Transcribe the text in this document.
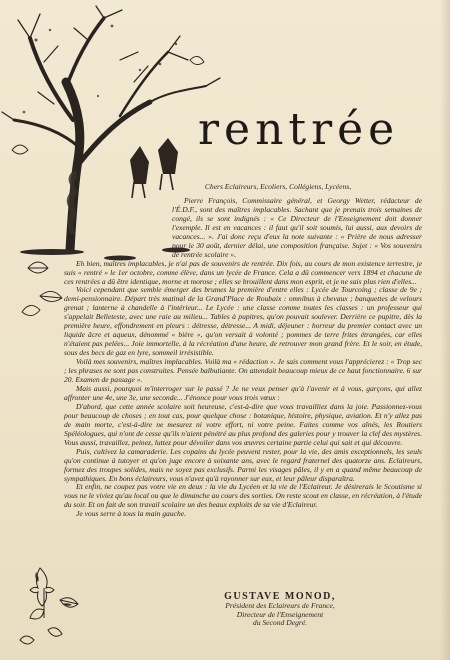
rentrée

Chers Eclaireurs, Ecoliers, Collégiens, Lycéens,

Pierre François, Commissaire général, et Georgy Wetter, rédacteur de l'É.D.F., sont des maîtres implacables. Sachant que je prenais trois semaines de congé, ils se sont indignés : « Ce Directeur de l'Enseignement doit donner l'exemple. Il est en vacances : il faut qu'il soit soumis, lui aussi, aux devoirs de vacances... ». J'ai donc reçu d'eux la note suivante : « Prière de nous adresser pour le 30 août, dernier délai, une composition française. Sujet : « Vos souvenirs de rentrée scolaire ».

Eh bien, maîtres implacables, je n'ai pas de souvenirs de rentrée. Dix fois, au cours de mon existence terrestre, je suis « rentré » le 1er octobre, comme élève, dans un lycée de France. Cela a dû commencer vers 1894 et chacune de ces rentrées a dû être identique, morne et morose ; elles se brouillent dans mon esprit, et je ne sais plus rien d'elles...

Voici cependant que semble émerger des brumes la première d'entre elles : Lycée de Tourcoing ; classe de 9e ; demi-pensionnaire. Départ très matinal de la Grand'Place de Roubaix : omnibus à chevaux ; banquettes de velours grenat ; lanterne à chandelle à l'intérieur... Le Lycée : une classe comme toutes les classes : un professeur qui s'appelait Belleteste, avec une raie au milieu... Tables à pupitres, qu'on pouvait soulever. Derrière ce pupitre, dès la première heure, effondrement en pleurs : détresse, détresse... A midi, déjeuner : horreur du premier contact avec un liquide âcre et aqueux, dénommé « bière », qu'on versait à volonté ; pommes de terre frites étrangées, car elles n'étaient pas pelées... Joie immortelle, à la récréation d'une heure, de retrouver mon grand frère. Et le soir, en étude, sous des becs de gaz en lyre, sommeil irrésistible.

Voilà mes souvenirs, maîtres implacables. Voilà ma « rédaction ». Je sais comment vous l'apprécierez : « Trop sec ; les phrases ne sont pas construites. Pensée balbutiante. On attendait beaucoup mieux de ce haut fonctionnaire. 6 sur 20. Examen de passage ».

Mais aussi, pourquoi m'interroger sur le passé ? Je ne veux penser qu'à l'avenir et à vous, garçons, qui allez affronter une 4e, une 3e, une seconde... J'énonce pour vous trois vœux :

D'abord, que cette année scolaire soit heureuse, c'est-à-dire que vous travailliez dans la joie. Passionnez-vous pour beaucoup de choses ; en tout cas, pour quelque chose : botanique, histoire, physique, aviation. Et n'y allez pas de main morte, c'est-à-dire ne mesurez ni votre effort, ni votre peine. Faites comme vos aînés, les Routiers Spéléologues, qui n'ont de cesse qu'ils n'aient pénétré au plus profond des galeries pour y trouver la clef des mystères. Vous aussi, travaillez, peinez, luttez pour dévoiler dans vos œuvres certaine partie celui qui sait et qui découvre.

Puis, cultivez la camaraderie. Les copains du lycée peuvent rester, pour la vie, des amis exceptionnels, les seuls qu'on continue à tutoyer et qu'on juge encore à soixante ans, avec le regard fraternel des quatorze ans. Eclaireurs, formez des troupes solides, mais ne soyez pas exclusifs. Parmi les visages pâles, il y en a quand même beaucoup de sympathiques. En bons éclaireurs, vous n'avez qu'à rayonner sur eux, et leur pâleur disparaîtra.

Et enfin, ne coupez pas votre vie en deux : la vie du Lycéen et la vie de l'Eclaireur. Je désirerais le Scoutisme si vous ne le viviez qu'au local ou que le dimanche au cours des sorties. On reste scout en classe, en récréation, à l'étude du soir. Et on fait de son travail scolaire un des beaux exploits de sa vie d'Eclaireur.

Je vous serre à tous la main gauche.

GUSTAVE MONOD,
Président des Eclaireurs de France,
Directeur de l'Enseignement
du Second Degré.
